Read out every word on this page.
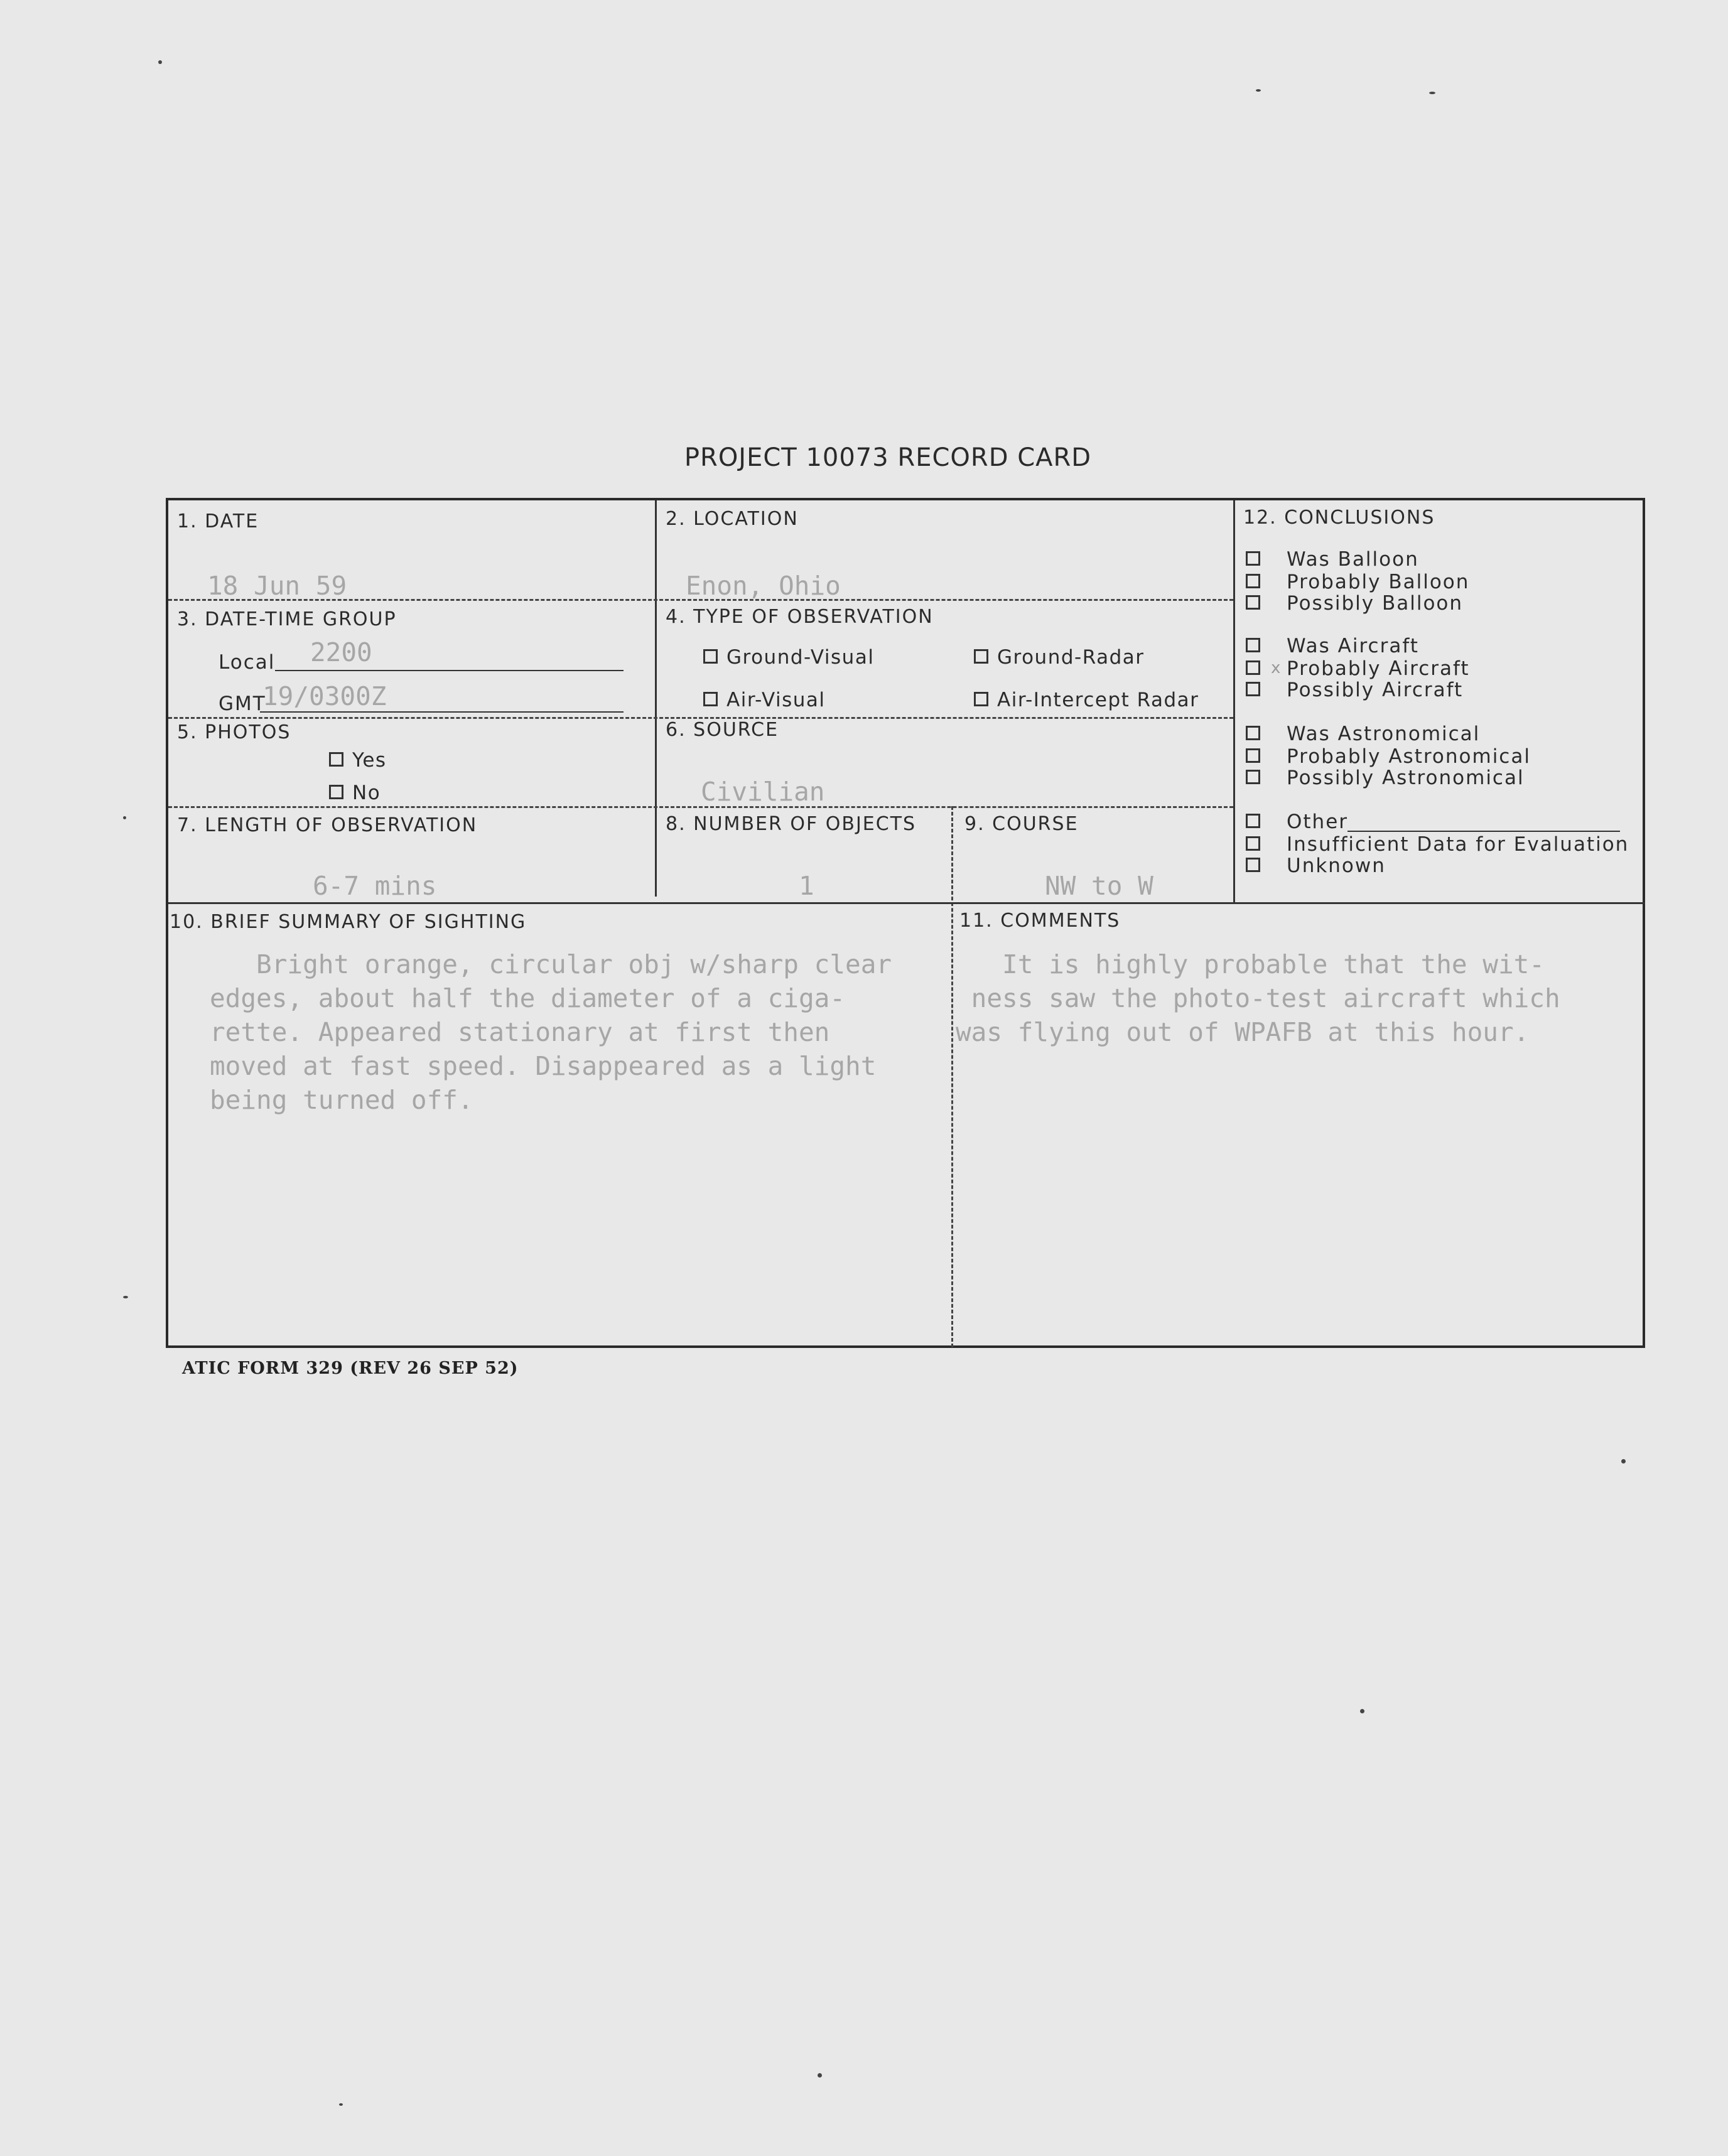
PROJECT 10073 RECORD CARD
1. DATE
18 Jun 59
2. LOCATION
Enon, Ohio
3. DATE-TIME GROUP
Local 2200
GMT
19/0300Z
4. TYPE OF OBSERVATION
Ground-Visual	Ground-Radar
Air-Visual	Air-Intercept Radar
5. PHOTOS
Yes
No
6. SOURCE
Civilian
7. LENGTH OF OBSERVATION
6-7 mins
8. NUMBER OF OBJECTS
1
9. COURSE
NW to W
10. BRIEF SUMMARY OF SIGHTING
Bright orange, circular obj w/sharp clear
edges, about half the diameter of a ciga-
rette. Appeared stationary at first then
moved at fast speed. Disappeared as a light
being turned off.
11. COMMENTS
It is highly probable that the wit-
ness saw the photo-test aircraft which
was flying out of WPAFB at this hour.
12. CONCLUSIONS
Was Balloon
Probably Balloon
Possibly Balloon
Was Aircraft
x Probably Aircraft
Possibly Aircraft
Was Astronomical
Probably Astronomical
Possibly Astronomical
Other
Insufficient Data for Evaluation
Unknown
ATIC FORM 329 (REV 26 SEP 52)
